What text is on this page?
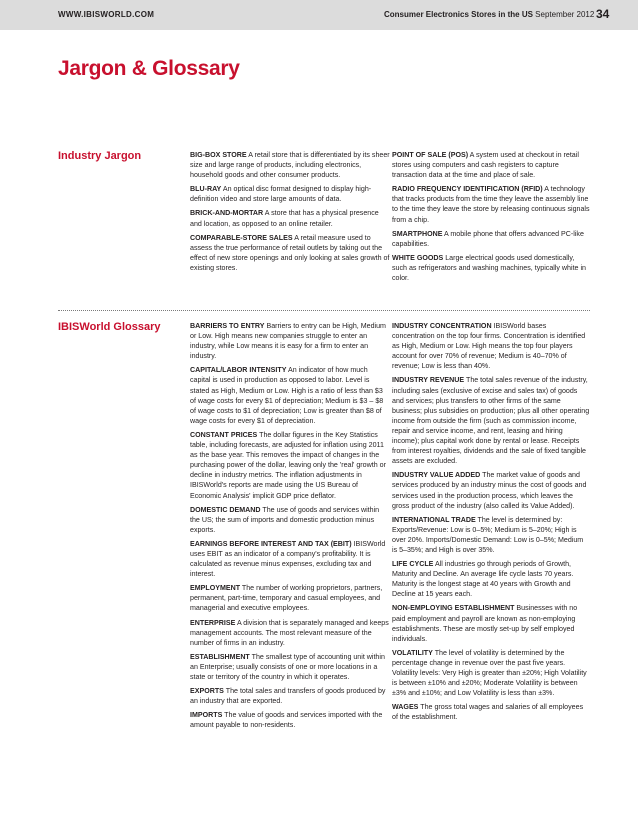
WWW.IBISWORLD.COM	Consumer Electronics Stores in the US September 2012 34
Jargon & Glossary
Industry Jargon	BIG-BOX STORE A retail store that is differentiated by its sheer size and large range of products, including electronics, household goods and other consumer products.

BLU-RAY An optical disc format designed to display high-definition video and store large amounts of data.

BRICK-AND-MORTAR A store that has a physical presence and location, as opposed to an online retailer.

COMPARABLE-STORE SALES A retail measure used to assess the true performance of retail outlets by taking out the effect of new store openings and only looking at sales growth of existing stores.

POINT OF SALE (POS) A system used at checkout in retail stores using computers and cash registers to capture transaction data at the time and place of sale.

RADIO FREQUENCY IDENTIFICATION (RFID) A technology that tracks products from the time they leave the assembly line to the time they leave the store by releasing continuous signals from a chip.

SMARTPHONE A mobile phone that offers advanced PC-like capabilities.

WHITE GOODS Large electrical goods used domestically, such as refrigerators and washing machines, typically white in color.

IBISWorld Glossary	BARRIERS TO ENTRY Barriers to entry can be High, Medium or Low. High means new companies struggle to enter an industry, while Low means it is easy for a firm to enter an industry.

CAPITAL/LABOR INTENSITY An indicator of how much capital is used in production as opposed to labor. Level is stated as High, Medium or Low. High is a ratio of less than $3 of wage costs for every $1 of depreciation; Medium is $3 – $8 of wage costs to $1 of depreciation; Low is greater than $8 of wage costs for every $1 of depreciation.

CONSTANT PRICES The dollar figures in the Key Statistics table, including forecasts, are adjusted for inflation using 2011 as the base year. This removes the impact of changes in the purchasing power of the dollar, leaving only the 'real' growth or decline in industry metrics. The inflation adjustments in IBISWorld's reports are made using the US Bureau of Economic Analysis' implicit GDP price deflator.

DOMESTIC DEMAND The use of goods and services within the US; the sum of imports and domestic production minus exports.

EARNINGS BEFORE INTEREST AND TAX (EBIT) IBISWorld uses EBIT as an indicator of a company's profitability. It is calculated as revenue minus expenses, excluding tax and interest.

EMPLOYMENT The number of working proprietors, partners, permanent, part-time, temporary and casual employees, and managerial and executive employees.

ENTERPRISE A division that is separately managed and keeps management accounts. The most relevant measure of the number of firms in an industry.

ESTABLISHMENT The smallest type of accounting unit within an Enterprise; usually consists of one or more locations in a state or territory of the country in which it operates.

EXPORTS The total sales and transfers of goods produced by an industry that are exported.

IMPORTS The value of goods and services imported with the amount payable to non-residents.

INDUSTRY CONCENTRATION IBISWorld bases concentration on the top four firms. Concentration is identified as High, Medium or Low. High means the top four players account for over 70% of revenue; Medium is 40–70% of revenue; Low is less than 40%.

INDUSTRY REVENUE The total sales revenue of the industry, including sales (exclusive of excise and sales tax) of goods and services; plus transfers to other firms of the same business; plus subsidies on production; plus all other operating income from outside the firm (such as commission income, repair and service income, and rent, leasing and hiring income); plus capital work done by rental or lease. Receipts from interest royalties, dividends and the sale of fixed tangible assets are excluded.

INDUSTRY VALUE ADDED The market value of goods and services produced by an industry minus the cost of goods and services used in the production process, which leaves the gross product of the industry (also called its Value Added).

INTERNATIONAL TRADE The level is determined by: Exports/Revenue: Low is 0–5%; Medium is 5–20%; High is over 20%. Imports/Domestic Demand: Low is 0–5%; Medium is 5–35%; and High is over 35%.

LIFE CYCLE All industries go through periods of Growth, Maturity and Decline. An average life cycle lasts 70 years. Maturity is the longest stage at 40 years with Growth and Decline at 15 years each.

NON-EMPLOYING ESTABLISHMENT Businesses with no paid employment and payroll are known as non-employing establishments. These are mostly set-up by self employed individuals.

VOLATILITY The level of volatility is determined by the percentage change in revenue over the past five years. Volatility levels: Very High is greater than ±20%; High Volatility is between ±10% and ±20%; Moderate Volatility is between ±3% and ±10%; and Low Volatility is less than ±3%.

WAGES The gross total wages and salaries of all employees of the establishment.
